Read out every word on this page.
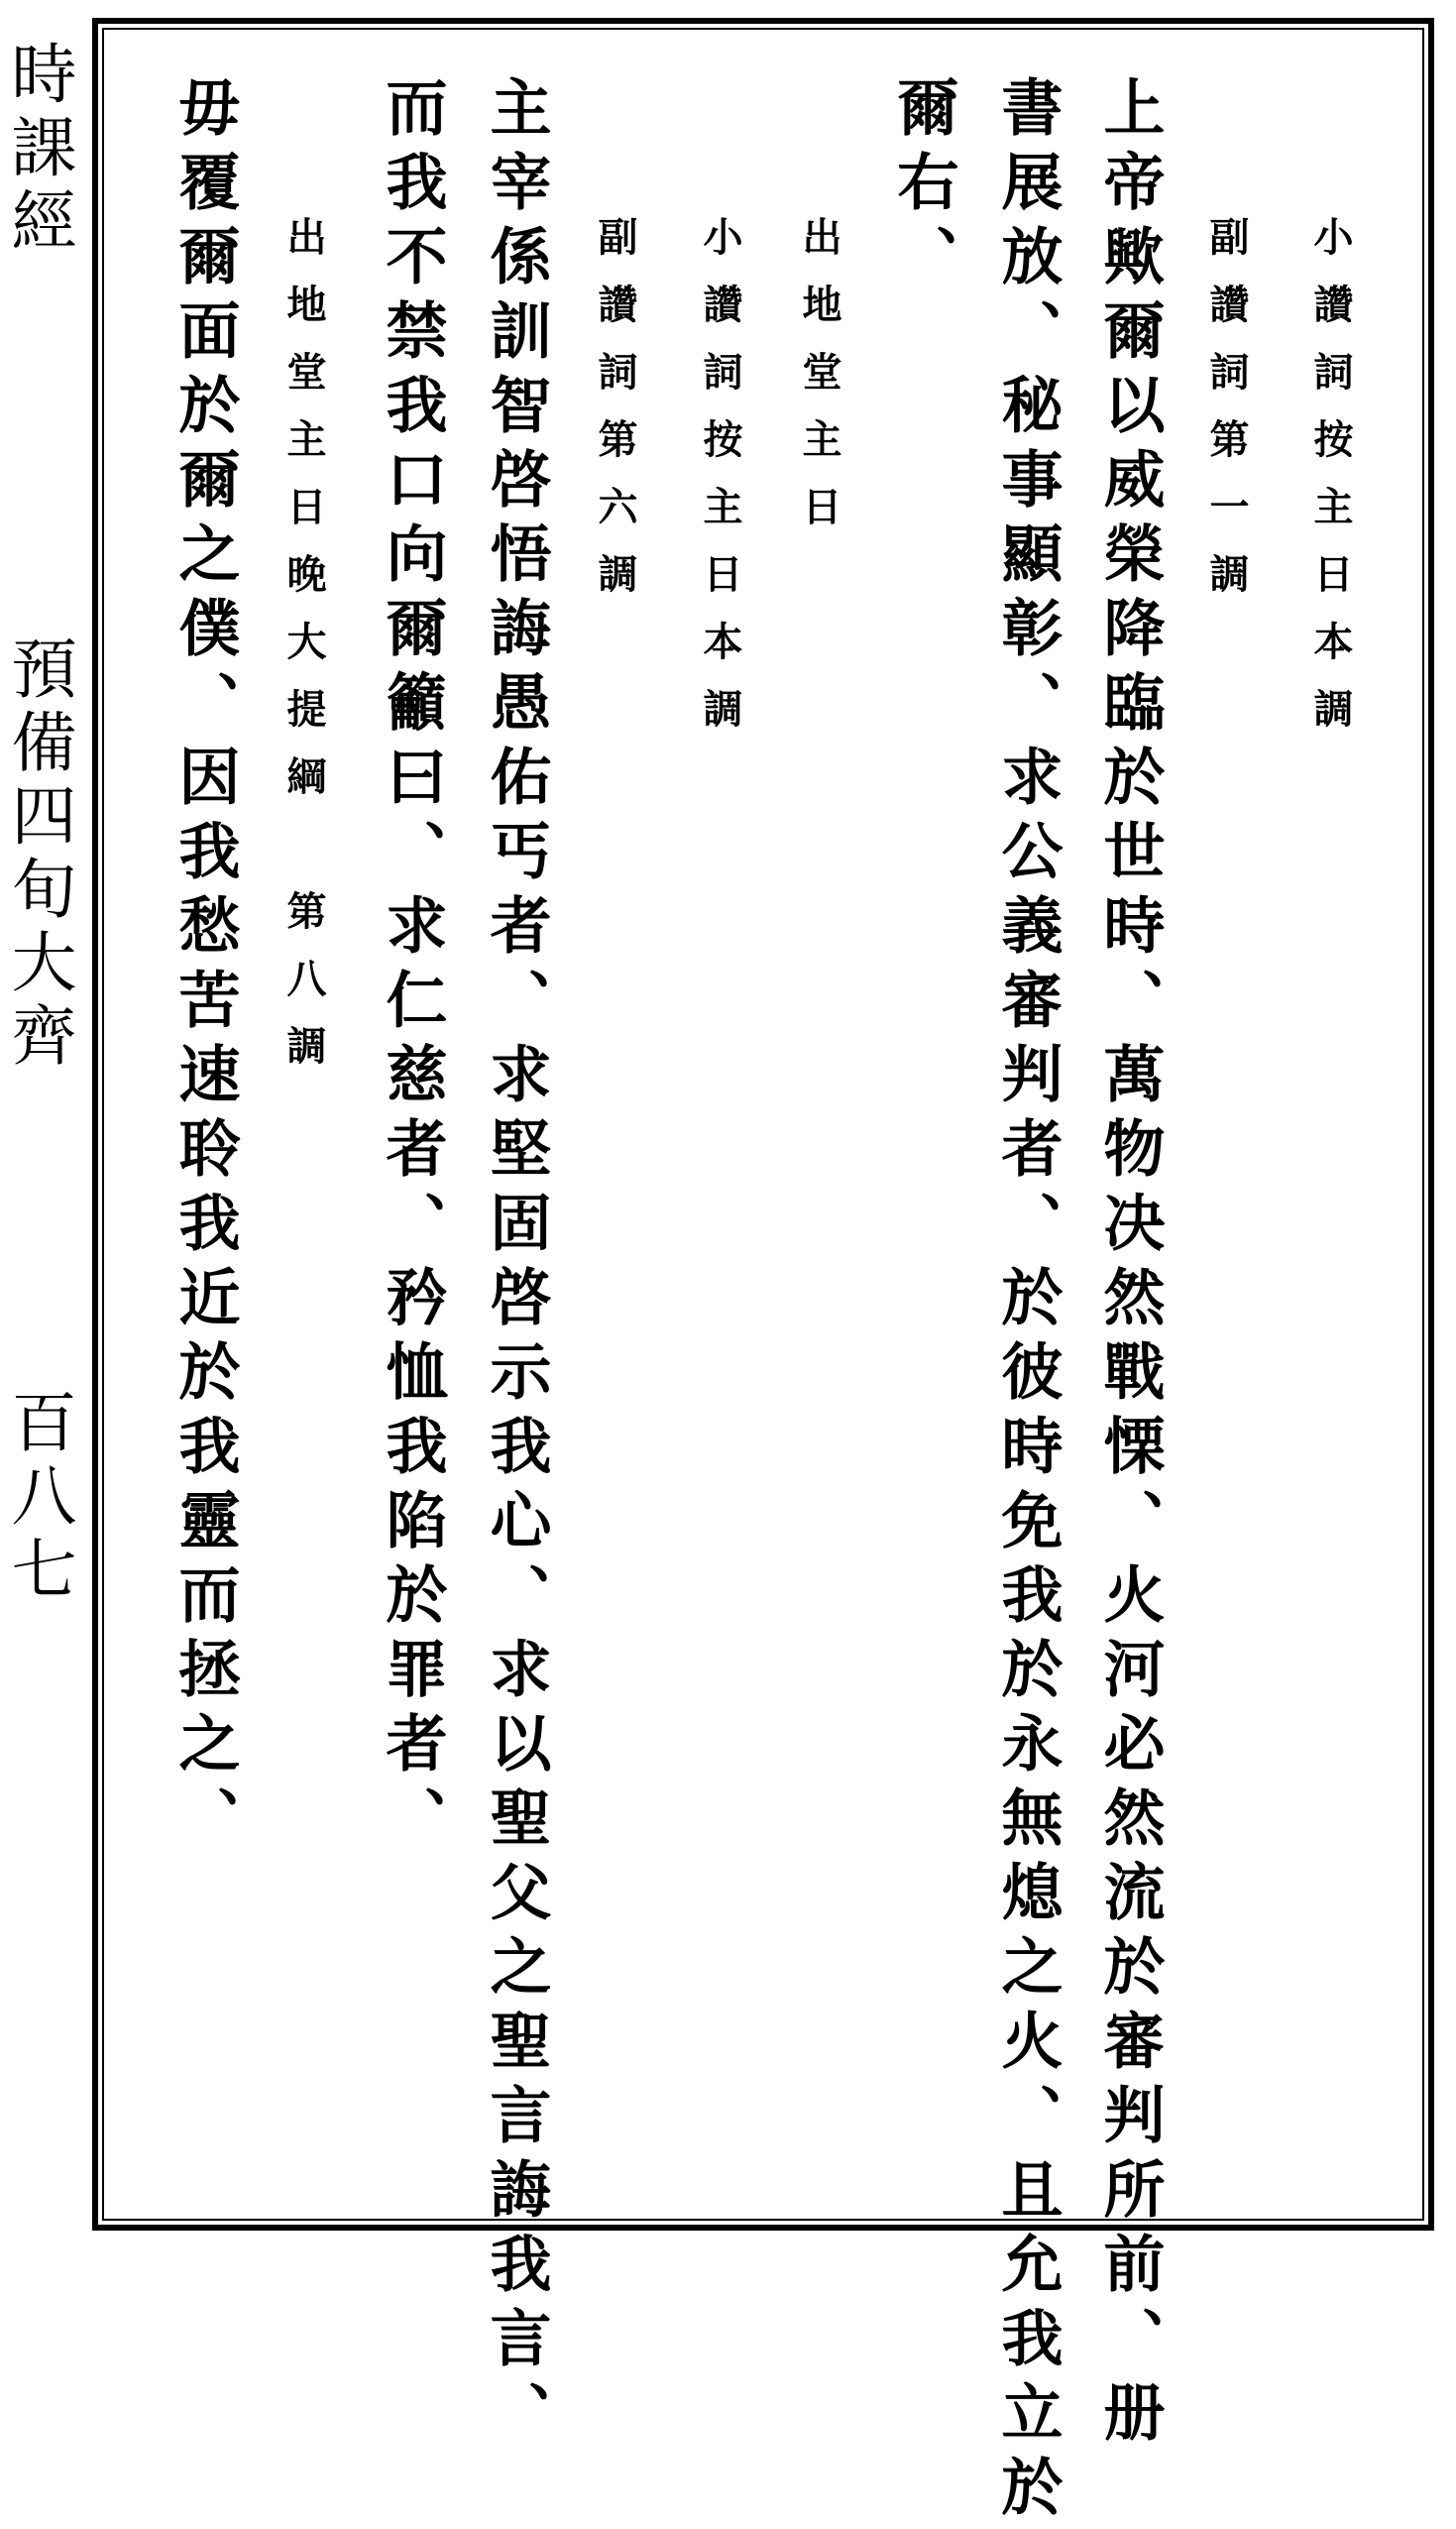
時課經
預備四旬大齊
百八七
小讚詞按主日本調
副讚詞第一調
上帝歟爾以威榮降臨於世時、萬物决然戰慄、火河必然流於審判所前、册
書展放、秘事顯彰、求公義審判者、於彼時免我於永無熄之火、且允我立於
爾右、
出地堂主日
小讚詞按主日本調
副讚詞第六調
主宰係訓智啓悟誨愚佑丐者、求堅固啓示我心、求以聖父之聖言誨我言、
而我不禁我口向爾籲曰、求仁慈者、矜恤我陷於罪者、
出地堂主日晚大提綱　第八調
毋覆爾面於爾之僕、因我愁苦速聆我近於我靈而拯之、
